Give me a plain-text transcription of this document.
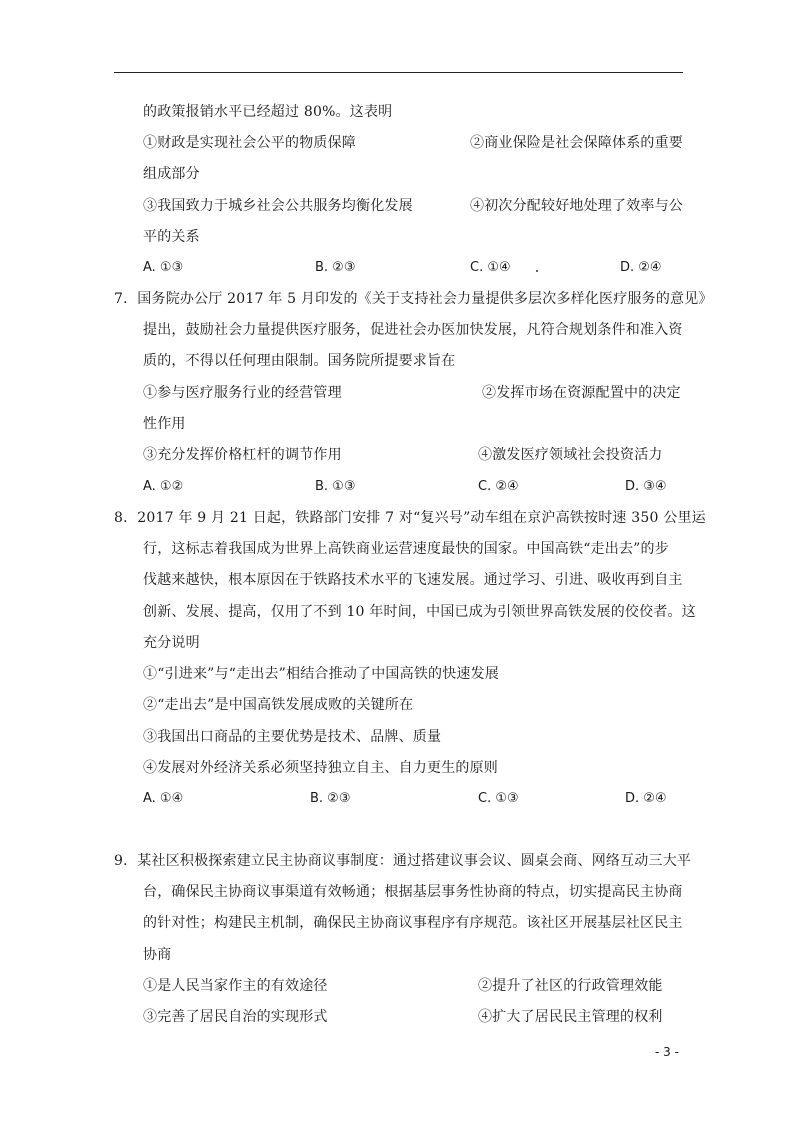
的政策报销水平已经超过 80%。这表明
①财政是实现社会公平的物质保障	②商业保险是社会保障体系的重要
组成部分
③我国致力于城乡社会公共服务均衡化发展	④初次分配较好地处理了效率与公
平的关系
A. ①③	B. ②③	C. ①④	D. ②④
7．国务院办公厅 2017 年 5 月印发的《关于支持社会力量提供多层次多样化医疗服务的意见》
提出，鼓励社会力量提供医疗服务，促进社会办医加快发展，凡符合规划条件和准入资
质的，不得以任何理由限制。国务院所提要求旨在
①参与医疗服务行业的经营管理	②发挥市场在资源配置中的决定
性作用
③充分发挥价格杠杆的调节作用	④激发医疗领域社会投资活力
A. ①②	B. ①③	C. ②④	D. ③④
8．2017 年 9 月 21 日起，铁路部门安排 7 对“复兴号”动车组在京沪高铁按时速 350 公里运
行，这标志着我国成为世界上高铁商业运营速度最快的国家。中国高铁“走出去”的步
伐越来越快，根本原因在于铁路技术水平的飞速发展。通过学习、引进、吸收再到自主
创新、发展、提高，仅用了不到 10 年时间，中国已成为引领世界高铁发展的佼佼者。这
充分说明
①“引进来”与“走出去”相结合推动了中国高铁的快速发展
②“走出去”是中国高铁发展成败的关键所在
③我国出口商品的主要优势是技术、品牌、质量
④发展对外经济关系必须坚持独立自主、自力更生的原则
A. ①④	B. ②③	C. ①③	D. ②④
9．某社区积极探索建立民主协商议事制度：通过搭建议事会议、圆桌会商、网络互动三大平
台，确保民主协商议事渠道有效畅通；根据基层事务性协商的特点，切实提高民主协商
的针对性；构建民主机制，确保民主协商议事程序有序规范。该社区开展基层社区民主
协商
①是人民当家作主的有效途径	②提升了社区的行政管理效能
③完善了居民自治的实现形式	④扩大了居民民主管理的权利
- 3 -
